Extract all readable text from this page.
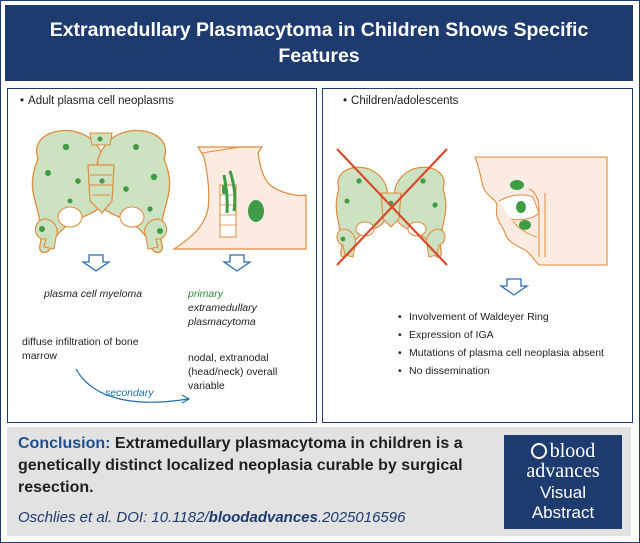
Extramedullary Plasmacytoma in Children Shows Specific Features
• Adult plasma cell neoplasms
plasma cell myeloma	primary
extramedullary plasmacytoma
diffuse infiltration of bone marrow	nodal, extranodal (head/neck) overall variable
secondary
• Children/adolescents
• Involvement of Waldeyer Ring
• Expression of IGA
• Mutations of plasma cell neoplasia absent
• No dissemination
Conclusion: Extramedullary plasmacytoma in children is a genetically distinct localized neoplasia curable by surgical resection.
Oschlies et al. DOI: 10.1182/bloodadvances.2025016596
blood
advances
Visual
Abstract
